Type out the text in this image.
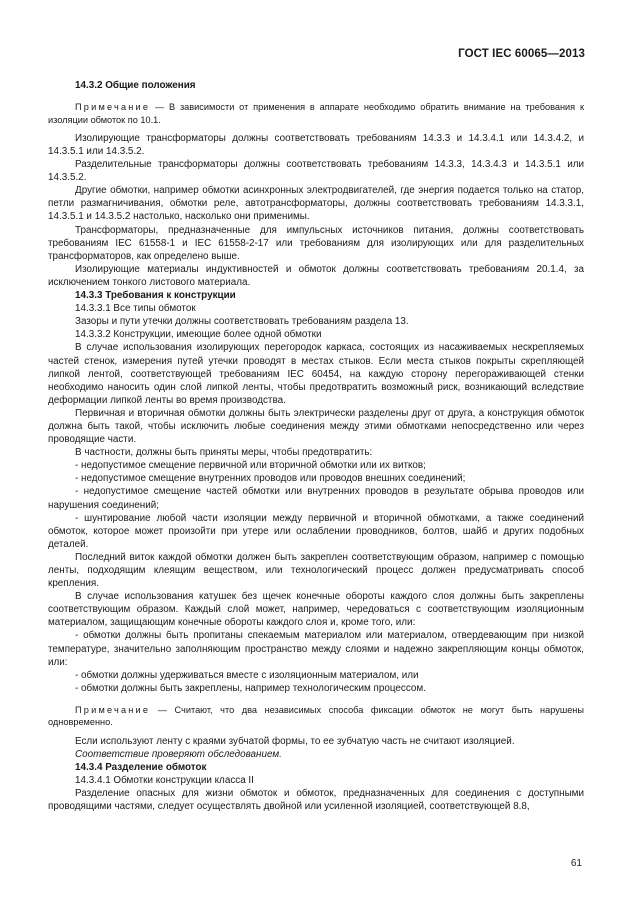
ГОСТ IEC 60065—2013

14.3.2 Общие положения

Примечание — В зависимости от применения в аппарате необходимо обратить внимание на требования к изоляции обмоток по 10.1.

Изолирующие трансформаторы должны соответствовать требованиям 14.3.3 и 14.3.4.1 или 14.3.4.2, и 14.3.5.1 или 14.3.5.2.

Разделительные трансформаторы должны соответствовать требованиям 14.3.3, 14.3.4.3 и 14.3.5.1 или 14.3.5.2.

Другие обмотки, например обмотки асинхронных электродвигателей, где энергия подается только на статор, петли размагничивания, обмотки реле, автотрансформаторы, должны соответствовать требованиям 14.3.3.1, 14.3.5.1 и 14.3.5.2 настолько, насколько они применимы.

Трансформаторы, предназначенные для импульсных источников питания, должны соответствовать требованиям IEC 61558-1 и IEC 61558-2-17 или требованиям для изолирующих или для разделительных трансформаторов, как определено выше.

Изолирующие материалы индуктивностей и обмоток должны соответствовать требованиям 20.1.4, за исключением тонкого листового материала.

14.3.3 Требования к конструкции

14.3.3.1 Все типы обмоток

Зазоры и пути утечки должны соответствовать требованиям раздела 13.

14.3.3.2 Конструкции, имеющие более одной обмотки

В случае использования изолирующих перегородок каркаса, состоящих из насаживаемых нескрепляемых частей стенок, измерения путей утечки проводят в местах стыков. Если места стыков покрыты скрепляющей липкой лентой, соответствующей требованиям IEC 60454, на каждую сторону перегораживающей стенки необходимо наносить один слой липкой ленты, чтобы предотвратить возможный риск, возникающий вследствие деформации липкой ленты во время производства.

Первичная и вторичная обмотки должны быть электрически разделены друг от друга, а конструкция обмоток должна быть такой, чтобы исключить любые соединения между этими обмотками непосредственно или через проводящие части.

В частности, должны быть приняты меры, чтобы предотвратить:

- недопустимое смещение первичной или вторичной обмотки или их витков;

- недопустимое смещение внутренних проводов или проводов внешних соединений;

- недопустимое смещение частей обмотки или внутренних проводов в результате обрыва проводов или нарушения соединений;

- шунтирование любой части изоляции между первичной и вторичной обмотками, а также соединений обмоток, которое может произойти при утере или ослаблении проводников, болтов, шайб и других подобных деталей.

Последний виток каждой обмотки должен быть закреплен соответствующим образом, например с помощью ленты, подходящим клеящим веществом, или технологический процесс должен предусматривать способ крепления.

В случае использования катушек без щечек конечные обороты каждого слоя должны быть закреплены соответствующим образом. Каждый слой может, например, чередоваться с соответствующим изоляционным материалом, защищающим конечные обороты каждого слоя и, кроме того, или:

- обмотки должны быть пропитаны спекаемым материалом или материалом, отвердевающим при низкой температуре, значительно заполняющим пространство между слоями и надежно закрепляющим концы обмоток, или:

- обмотки должны удерживаться вместе с изоляционным материалом, или

- обмотки должны быть закреплены, например технологическим процессом.

Примечание — Считают, что два независимых способа фиксации обмоток не могут быть нарушены одновременно.

Если используют ленту с краями зубчатой формы, то ее зубчатую часть не считают изоляцией.

Соответствие проверяют обследованием.

14.3.4 Разделение обмоток

14.3.4.1 Обмотки конструкции класса II

Разделение опасных для жизни обмоток и обмоток, предназначенных для соединения с доступными проводящими частями, следует осуществлять двойной или усиленной изоляцией, соответствующей 8.8,

61
